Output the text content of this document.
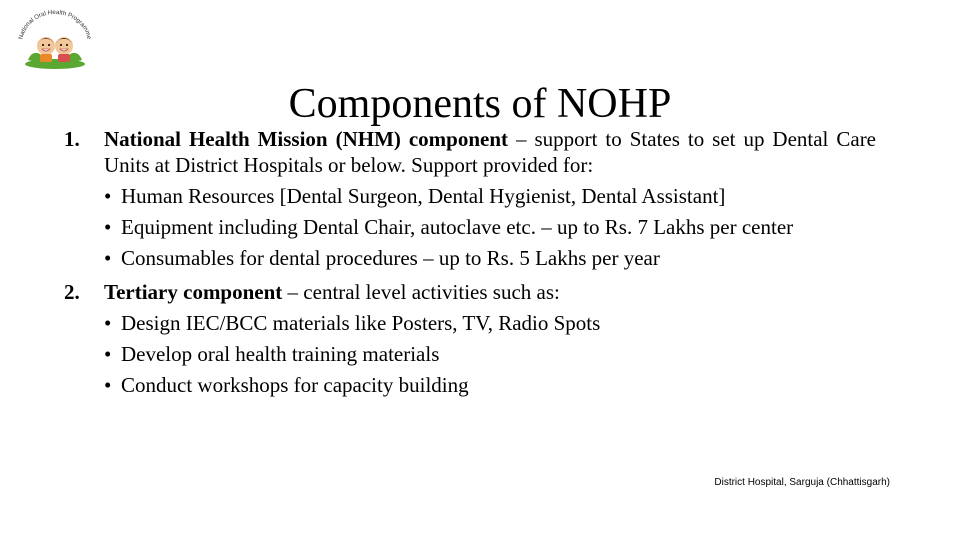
National Oral Health Programme
Components of NOHP
1.	National Health Mission (NHM) component – support to States to set up Dental Care Units at District Hospitals or below. Support provided for:
• Human Resources [Dental Surgeon, Dental Hygienist, Dental Assistant]
• Equipment including Dental Chair, autoclave etc. – up to Rs. 7 Lakhs per center
• Consumables for dental procedures – up to Rs. 5 Lakhs per year
2.	Tertiary component – central level activities such as:
• Design IEC/BCC materials like Posters, TV, Radio Spots
• Develop oral health training materials
• Conduct workshops for capacity building
District Hospital, Sarguja (Chhattisgarh)
